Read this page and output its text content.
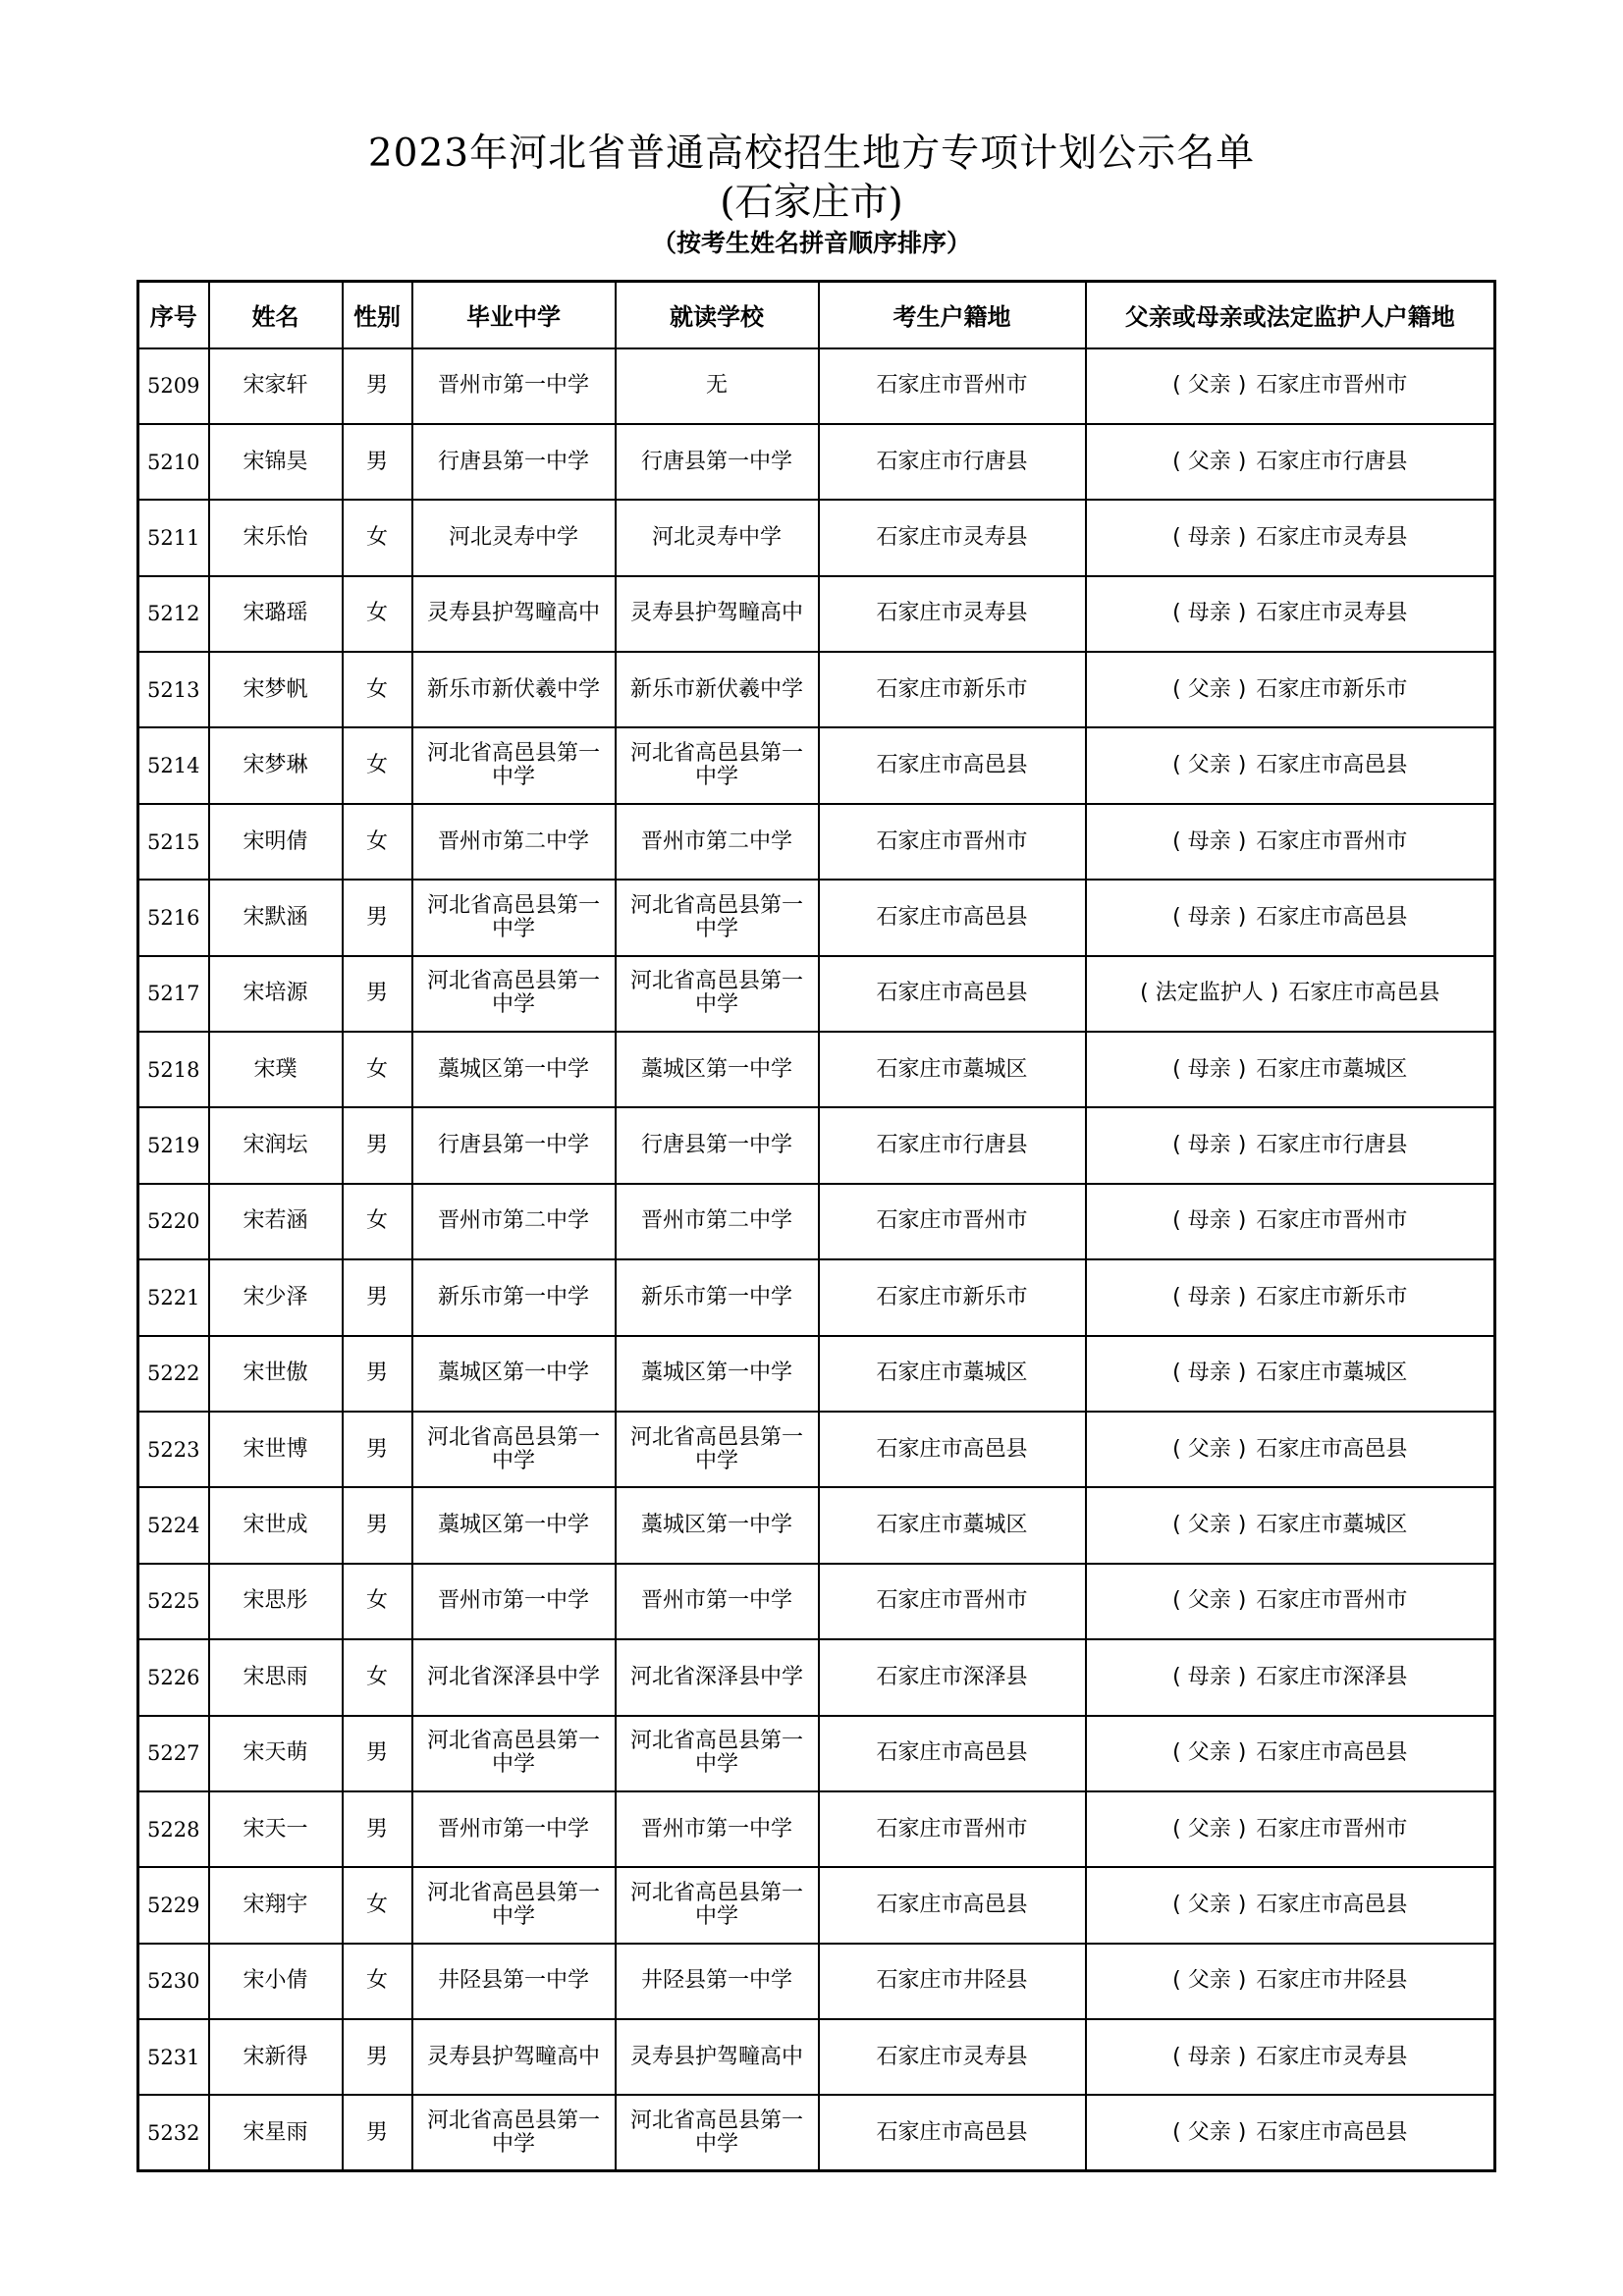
2023年河北省普通高校招生地方专项计划公示名单
(石家庄市)
（按考生姓名拼音顺序排序）
序号	姓名	性别	毕业中学	就读学校	考生户籍地	父亲或母亲或法定监护人户籍地
5209	宋家轩	男	晋州市第一中学	无	石家庄市晋州市	( 父亲 ) 石家庄市晋州市
5210	宋锦昊	男	行唐县第一中学	行唐县第一中学	石家庄市行唐县	( 父亲 ) 石家庄市行唐县
5211	宋乐怡	女	河北灵寿中学	河北灵寿中学	石家庄市灵寿县	( 母亲 ) 石家庄市灵寿县
5212	宋璐瑶	女	灵寿县护驾疃高中	灵寿县护驾疃高中	石家庄市灵寿县	( 母亲 ) 石家庄市灵寿县
5213	宋梦帆	女	新乐市新伏羲中学	新乐市新伏羲中学	石家庄市新乐市	( 父亲 ) 石家庄市新乐市
5214	宋梦琳	女	河北省高邑县第一中学	河北省高邑县第一中学	石家庄市高邑县	( 父亲 ) 石家庄市高邑县
5215	宋明倩	女	晋州市第二中学	晋州市第二中学	石家庄市晋州市	( 母亲 ) 石家庄市晋州市
5216	宋默涵	男	河北省高邑县第一中学	河北省高邑县第一中学	石家庄市高邑县	( 母亲 ) 石家庄市高邑县
5217	宋培源	男	河北省高邑县第一中学	河北省高邑县第一中学	石家庄市高邑县	( 法定监护人 ) 石家庄市高邑县
5218	宋璞	女	藁城区第一中学	藁城区第一中学	石家庄市藁城区	( 母亲 ) 石家庄市藁城区
5219	宋润坛	男	行唐县第一中学	行唐县第一中学	石家庄市行唐县	( 母亲 ) 石家庄市行唐县
5220	宋若涵	女	晋州市第二中学	晋州市第二中学	石家庄市晋州市	( 母亲 ) 石家庄市晋州市
5221	宋少泽	男	新乐市第一中学	新乐市第一中学	石家庄市新乐市	( 母亲 ) 石家庄市新乐市
5222	宋世傲	男	藁城区第一中学	藁城区第一中学	石家庄市藁城区	( 母亲 ) 石家庄市藁城区
5223	宋世博	男	河北省高邑县第一中学	河北省高邑县第一中学	石家庄市高邑县	( 父亲 ) 石家庄市高邑县
5224	宋世成	男	藁城区第一中学	藁城区第一中学	石家庄市藁城区	( 父亲 ) 石家庄市藁城区
5225	宋思彤	女	晋州市第一中学	晋州市第一中学	石家庄市晋州市	( 父亲 ) 石家庄市晋州市
5226	宋思雨	女	河北省深泽县中学	河北省深泽县中学	石家庄市深泽县	( 母亲 ) 石家庄市深泽县
5227	宋天萌	男	河北省高邑县第一中学	河北省高邑县第一中学	石家庄市高邑县	( 父亲 ) 石家庄市高邑县
5228	宋天一	男	晋州市第一中学	晋州市第一中学	石家庄市晋州市	( 父亲 ) 石家庄市晋州市
5229	宋翔宇	女	河北省高邑县第一中学	河北省高邑县第一中学	石家庄市高邑县	( 父亲 ) 石家庄市高邑县
5230	宋小倩	女	井陉县第一中学	井陉县第一中学	石家庄市井陉县	( 父亲 ) 石家庄市井陉县
5231	宋新得	男	灵寿县护驾疃高中	灵寿县护驾疃高中	石家庄市灵寿县	( 母亲 ) 石家庄市灵寿县
5232	宋星雨	男	河北省高邑县第一中学	河北省高邑县第一中学	石家庄市高邑县	( 父亲 ) 石家庄市高邑县
